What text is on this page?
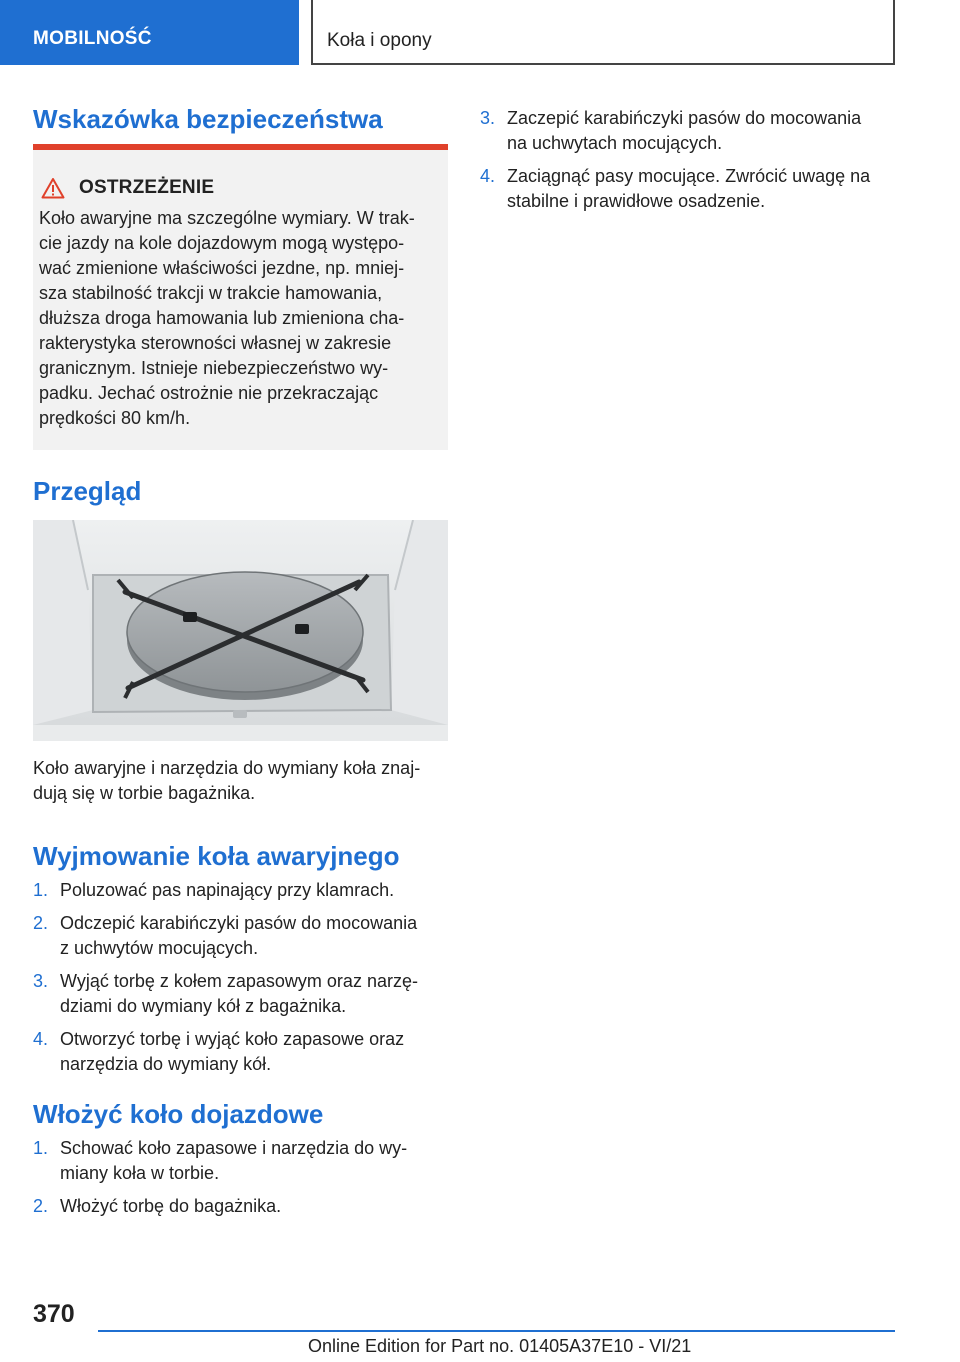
MOBILNOŚĆ	Koła i opony
Wskazówka bezpieczeństwa
OSTRZEŻENIE
Koło awaryjne ma szczególne wymiary. W trak-
cie jazdy na kole dojazdowym mogą występo-
wać zmienione właściwości jezdne, np. mniej-
sza stabilność trakcji w trakcie hamowania,
dłuższa droga hamowania lub zmieniona cha-
rakterystyka sterowności własnej w zakresie
granicznym. Istnieje niebezpieczeństwo wy-
padku. Jechać ostrożnie nie przekraczając
prędkości 80 km/h.
Przegląd

Koło awaryjne i narzędzia do wymiany koła znaj-
dują się w torbie bagażnika.

Wyjmowanie koła awaryjnego
1. Poluzować pas napinający przy klamrach.
2. Odczepić karabińczyki pasów do mocowania
z uchwytów mocujących.
3. Wyjąć torbę z kołem zapasowym oraz narzę-
dziami do wymiany kół z bagażnika.
4. Otworzyć torbę i wyjąć koło zapasowe oraz
narzędzia do wymiany kół.
Włożyć koło dojazdowe
1. Schować koło zapasowe i narzędzia do wy-
miany koła w torbie.
2. Włożyć torbę do bagażnika.
3. Zaczepić karabińczyki pasów do mocowania
na uchwytach mocujących.
4. Zaciągnąć pasy mocujące. Zwrócić uwagę na
stabilne i prawidłowe osadzenie.
370
Online Edition for Part no. 01405A37E10 - VI/21
